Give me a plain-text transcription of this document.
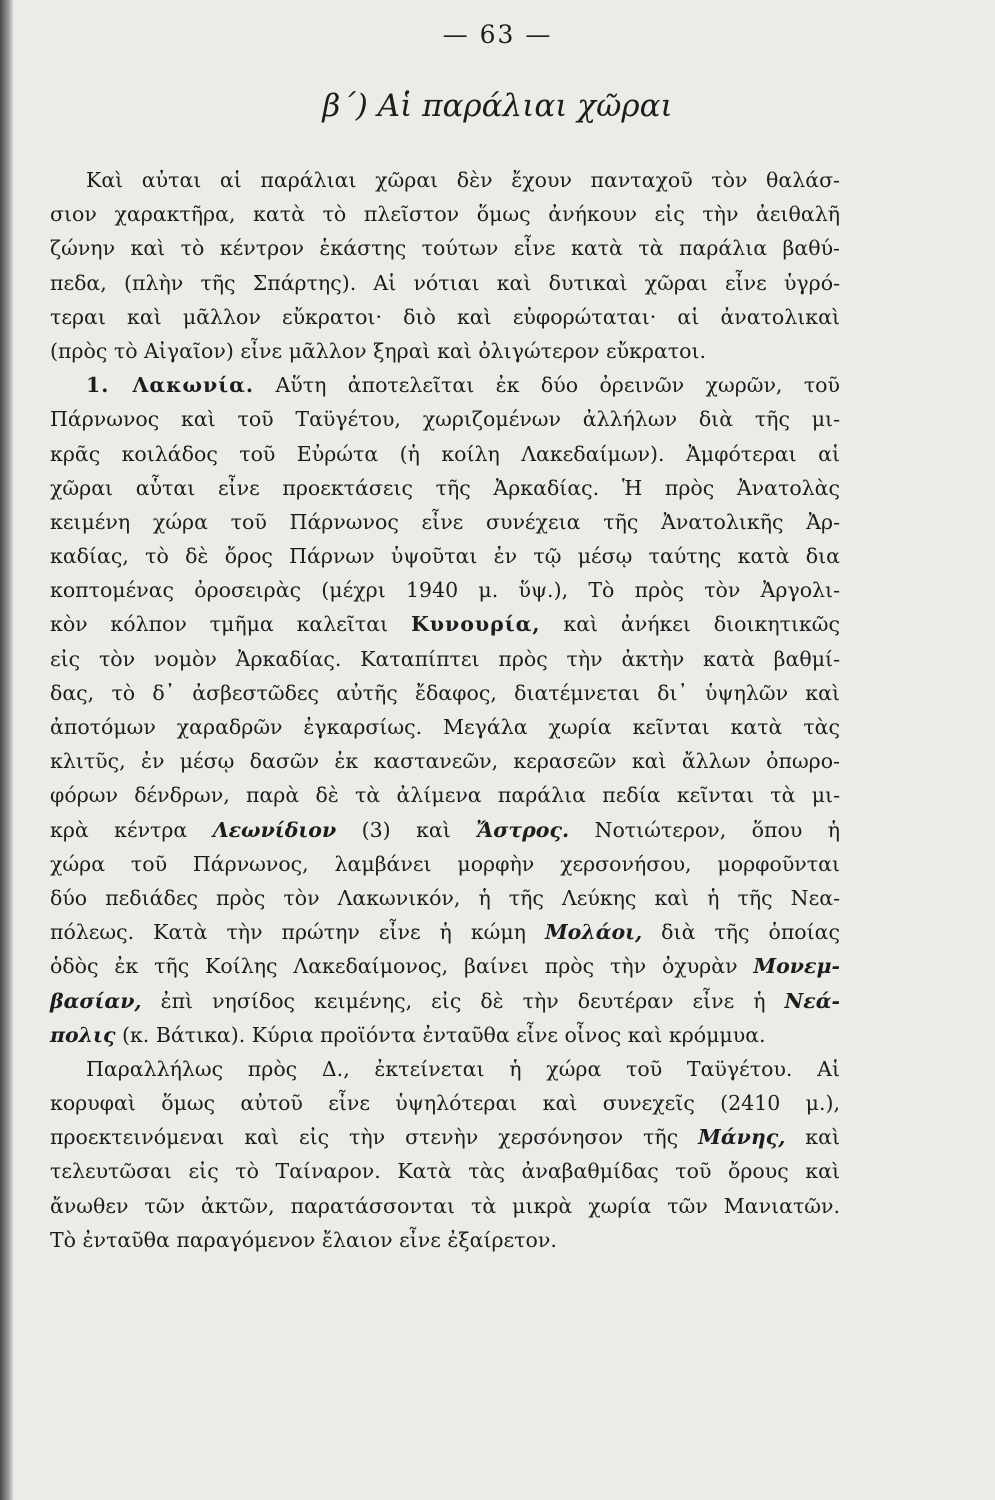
— 63 —
β΄) Αἱ παράλιαι χῶραι
Καὶ αὐται αἱ παράλιαι χῶραι δὲν ἔχουν πανταχοῦ τὸν θαλάσ-
σιον χαρακτῆρα, κατὰ τὸ πλεῖστον ὅμως ἀνήκουν εἰς τὴν ἀειθαλῆ
ζώνην καὶ τὸ κέντρον ἑκάστης τούτων εἶνε κατὰ τὰ παράλια βαθύ-
πεδα, (πλὴν τῆς Σπάρτης). Αἱ νότιαι καὶ δυτικαὶ χῶραι εἶνε ὑγρό-
τεραι καὶ μᾶλλον εὔκρατοι· διὸ καὶ εὐφορώταται· αἱ ἀνατολικαὶ
(πρὸς τὸ Αἰγαῖον) εἶνε μᾶλλον ξηραὶ καὶ ὀλιγώτερον εὔκρατοι.
1. Λακωνία. Αὕτη ἀποτελεῖται ἐκ δύο ὀρεινῶν χωρῶν, τοῦ
Πάρνωνος καὶ τοῦ Ταϋγέτου, χωριζομένων ἀλλήλων διὰ τῆς μι-
κρᾶς κοιλάδος τοῦ Εὐρώτα (ἡ κοίλη Λακεδαίμων). Ἀμφότεραι αἱ
χῶραι αὗται εἶνε προεκτάσεις τῆς Ἀρκαδίας. Ἡ πρὸς Ἀνατολὰς
κειμένη χώρα τοῦ Πάρνωνος εἶνε συνέχεια τῆς Ἀνατολικῆς Ἀρ-
καδίας, τὸ δὲ ὄρος Πάρνων ὑψοῦται ἐν τῷ μέσῳ ταύτης κατὰ δια
κοπτομένας ὀροσειρὰς (μέχρι 1940 μ. ὕψ.), Τὸ πρὸς τὸν Ἀργολι-
κὸν κόλπον τμῆμα καλεῖται Κυνουρία, καὶ ἀνήκει διοικητικῶς
εἰς τὸν νομὸν Ἀρκαδίας. Καταπίπτει πρὸς τὴν ἀκτὴν κατὰ βαθμί-
δας, τὸ δ᾽ ἀσβεστῶδες αὐτῆς ἔδαφος, διατέμνεται δι᾽ ὑψηλῶν καὶ
ἀποτόμων χαραδρῶν ἐγκαρσίως. Μεγάλα χωρία κεῖνται κατὰ τὰς
κλιτῦς, ἐν μέσῳ δασῶν ἐκ καστανεῶν, κερασεῶν καὶ ἄλλων ὀπωρο-
φόρων δένδρων, παρὰ δὲ τὰ ἀλίμενα παράλια πεδία κεῖνται τὰ μι-
κρὰ κέντρα Λεωνίδιον (3) καὶ Ἄστρος. Νοτιώτερον, ὅπου ἡ
χώρα τοῦ Πάρνωνος, λαμβάνει μορφὴν χερσονήσου, μορφοῦνται
δύο πεδιάδες πρὸς τὸν Λακωνικόν, ἡ τῆς Λεύκης καὶ ἡ τῆς Νεα-
πόλεως. Κατὰ τὴν πρώτην εἶνε ἡ κώμη Μολάοι, διὰ τῆς ὁποίας
ὁδὸς ἐκ τῆς Κοίλης Λακεδαίμονος, βαίνει πρὸς τὴν ὀχυρὰν Μονεμ-
βασίαν, ἐπὶ νησίδος κειμένης, εἰς δὲ τὴν δευτέραν εἶνε ἡ Νεά-
πολις (κ. Βάτικα). Κύρια προϊόντα ἐνταῦθα εἶνε οἶνος καὶ κρόμμυα.
Παραλλήλως πρὸς Δ., ἐκτείνεται ἡ χώρα τοῦ Ταϋγέτου. Αἱ
κορυφαὶ ὅμως αὐτοῦ εἶνε ὑψηλότεραι καὶ συνεχεῖς (2410 μ.),
προεκτεινόμεναι καὶ εἰς τὴν στενὴν χερσόνησον τῆς Μάνης, καὶ
τελευτῶσαι εἰς τὸ Ταίναρον. Κατὰ τὰς ἀναβαθμίδας τοῦ ὄρους καὶ
ἄνωθεν τῶν ἀκτῶν, παρατάσσονται τὰ μικρὰ χωρία τῶν Μανιατῶν.
Τὸ ἐνταῦθα παραγόμενον ἔλαιον εἶνε ἐξαίρετον.
